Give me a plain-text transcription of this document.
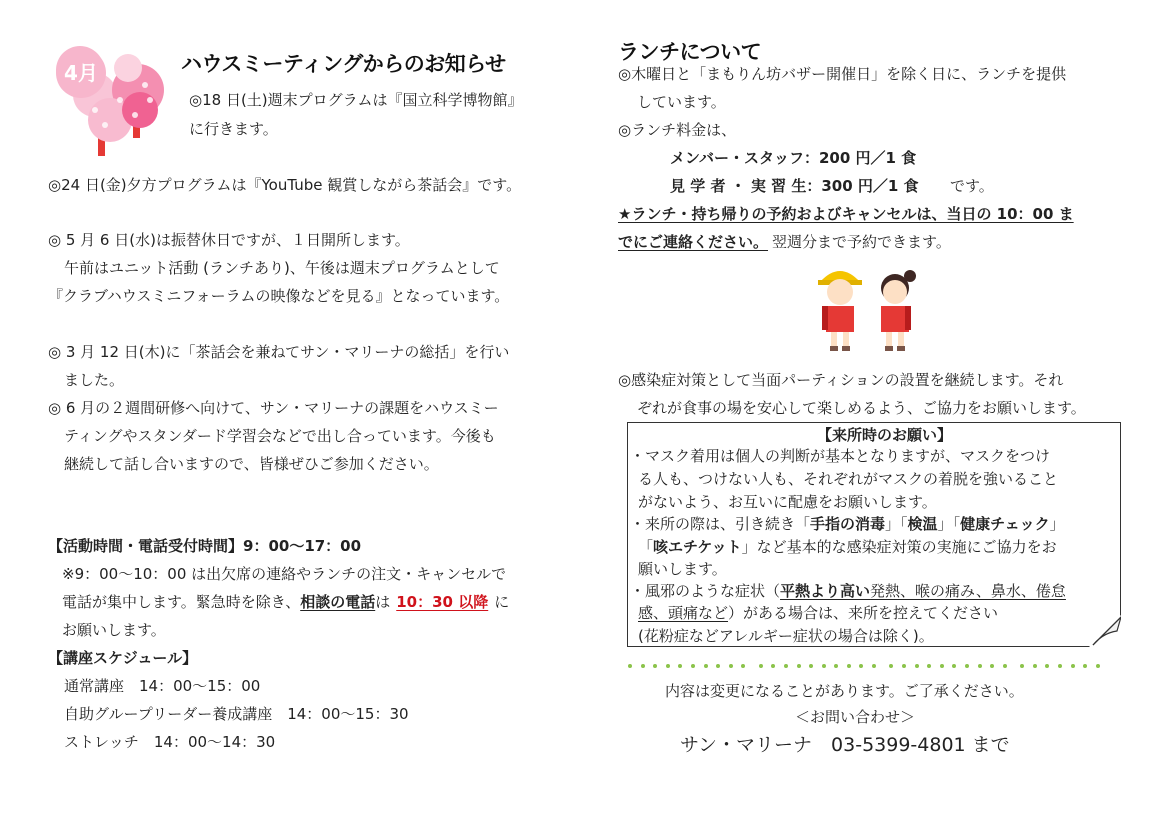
4月	ハウスミーティングからのお知らせ
◎18 日(土)週末プログラムは『国立科学博物館』
に行きます。
◎24 日(金)夕方プログラムは『YouTube 観賞しながら茶話会』です。
◎ 5 月 6 日(水)は振替休日ですが、１日開所します。
午前はユニット活動 (ランチあり)、午後は週末プログラムとして
『クラブハウスミニフォーラムの映像などを見る』となっています。
◎ 3 月 12 日(木)に「茶話会を兼ねてサン・マリーナの総括」を行い
ました。
◎ 6 月の２週間研修へ向けて、サン・マリーナの課題をハウスミー
ティングやスタンダード学習会などで出し合っています。今後も
継続して話し合いますので、皆様ぜひご参加ください。
【活動時間・電話受付時間】9：00～17：00
※9：00～10：00 は出欠席の連絡やランチの注文・キャンセルで
電話が集中します。緊急時を除き、相談の電話は 10：30 以降 に
お願いします。
【講座スケジュール】
通常講座　14：00～15：00
自助グループリーダー養成講座　14：00～15：30
ストレッチ　14：00～14：30
ランチについて
◎木曜日と「まもりん坊バザー開催日」を除く日に、ランチを提供
しています。
◎ランチ料金は、
メンバー・スタッフ：200 円／1 食
見 学 者 ・ 実 習 生：300 円／1 食 です。
★ランチ・持ち帰りの予約およびキャンセルは、当日の 10：00 ま
でにご連絡ください。 翌週分まで予約できます。
◎感染症対策として当面パーティションの設置を継続します。それ
ぞれが食事の場を安心して楽しめるよう、ご協力をお願いします。
【来所時のお願い】
・マスク着用は個人の判断が基本となりますが、マスクをつけ
る人も、つけない人も、それぞれがマスクの着脱を強いること
がないよう、お互いに配慮をお願いします。
・来所の際は、引き続き「手指の消毒」「検温」「健康チェック」
「咳エチケット」など基本的な感染症対策の実施にご協力をお
願いします。
・風邪のような症状（平熱より高い発熱、喉の痛み、鼻水、倦怠
感、頭痛など）がある場合は、来所を控えてください
(花粉症などアレルギー症状の場合は除く)。

内容は変更になることがあります。ご了承ください。
＜お問い合わせ＞
サン・マリーナ　03-5399-4801 まで
